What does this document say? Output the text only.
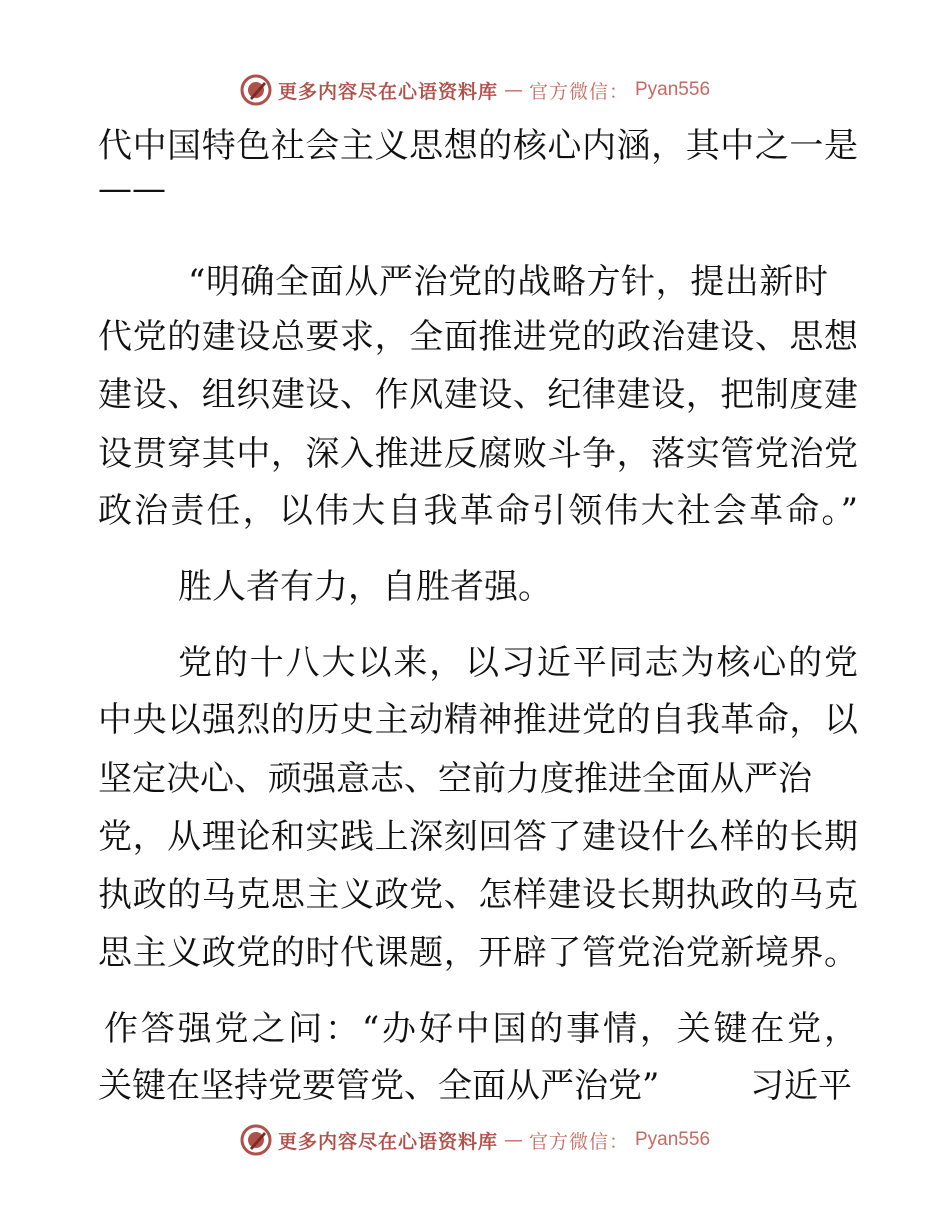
更多内容尽在心语资料库 — 官方微信： Pyan556
代中国特色社会主义思想的核心内涵，其中之一是
——
“明确全面从严治党的战略方针，提出新时
代党的建设总要求，全面推进党的政治建设、思想
建设、组织建设、作风建设、纪律建设，把制度建
设贯穿其中，深入推进反腐败斗争，落实管党治党
政治责任，以伟大自我革命引领伟大社会革命。”
胜人者有力，自胜者强。
党的十八大以来，以习近平同志为核心的党
中央以强烈的历史主动精神推进党的自我革命，以
坚定决心、顽强意志、空前力度推进全面从严治
党，从理论和实践上深刻回答了建设什么样的长期
执政的马克思主义政党、怎样建设长期执政的马克
思主义政党的时代课题，开辟了管党治党新境界。
作答强党之问：“办好中国的事情，关键在党，
关键在坚持党要管党、全面从严治党”	习近平
更多内容尽在心语资料库 — 官方微信： Pyan556
